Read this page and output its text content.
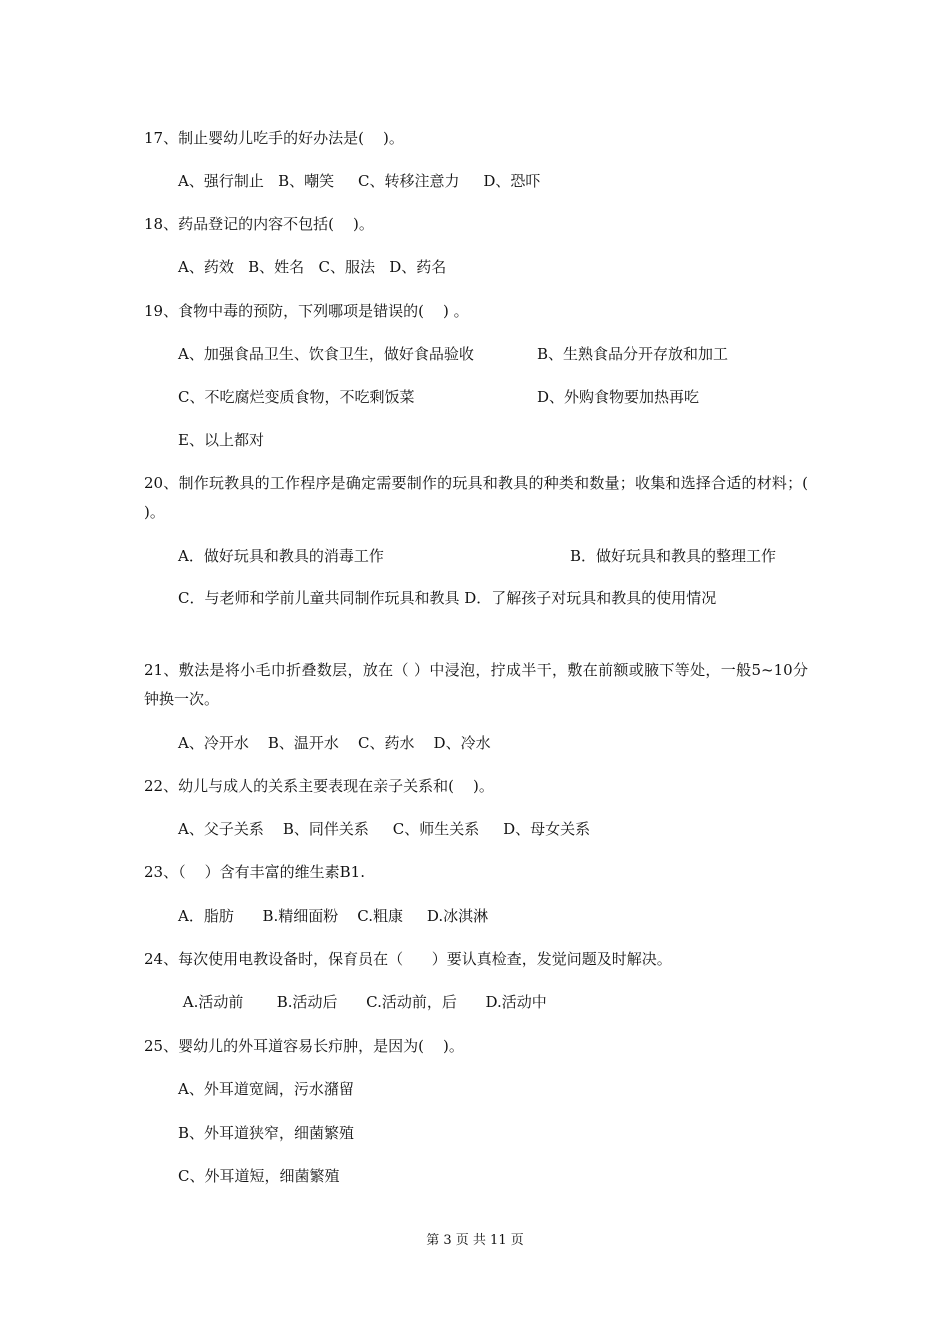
17、制止婴幼儿吃手的好办法是(    )。
A、强行制止   B、嘲笑     C、转移注意力     D、恐吓
18、药品登记的内容不包括(    )。
A、药效   B、姓名   C、服法   D、药名
19、食物中毒的预防，下列哪项是错误的(    ) 。
A、加强食品卫生、饮食卫生，做好食品验收	B、生熟食品分开存放和加工
C、不吃腐烂变质食物，不吃剩饭菜	D、外购食物要加热再吃
E、以上都对
20、制作玩教具的工作程序是确定需要制作的玩具和教具的种类和数量；收集和选择合适的材料；( )。
A．做好玩具和教具的消毒工作	B．做好玩具和教具的整理工作
C．与老师和学前儿童共同制作玩具和教具 D．了解孩子对玩具和教具的使用情况
21、敷法是将小毛巾折叠数层，放在（ ）中浸泡，拧成半干，敷在前额或腋下等处，一般5~10分钟换一次。
A、冷开水    B、温开水    C、药水    D、冷水
22、幼儿与成人的关系主要表现在亲子关系和(    )。
A、父子关系    B、同伴关系     C、师生关系     D、母女关系
23、（    ）含有丰富的维生素B1.
A．脂肪      B.精细面粉    C.粗康     D.冰淇淋
24、每次使用电教设备时，保育员在（      ）要认真检查，发觉问题及时解决。
A.活动前       B.活动后      C.活动前，后      D.活动中
25、婴幼儿的外耳道容易长疖肿，是因为(    )。
A、外耳道宽阔，污水潴留
B、外耳道狭窄，细菌繁殖
C、外耳道短，细菌繁殖
第 3 页 共 11 页
